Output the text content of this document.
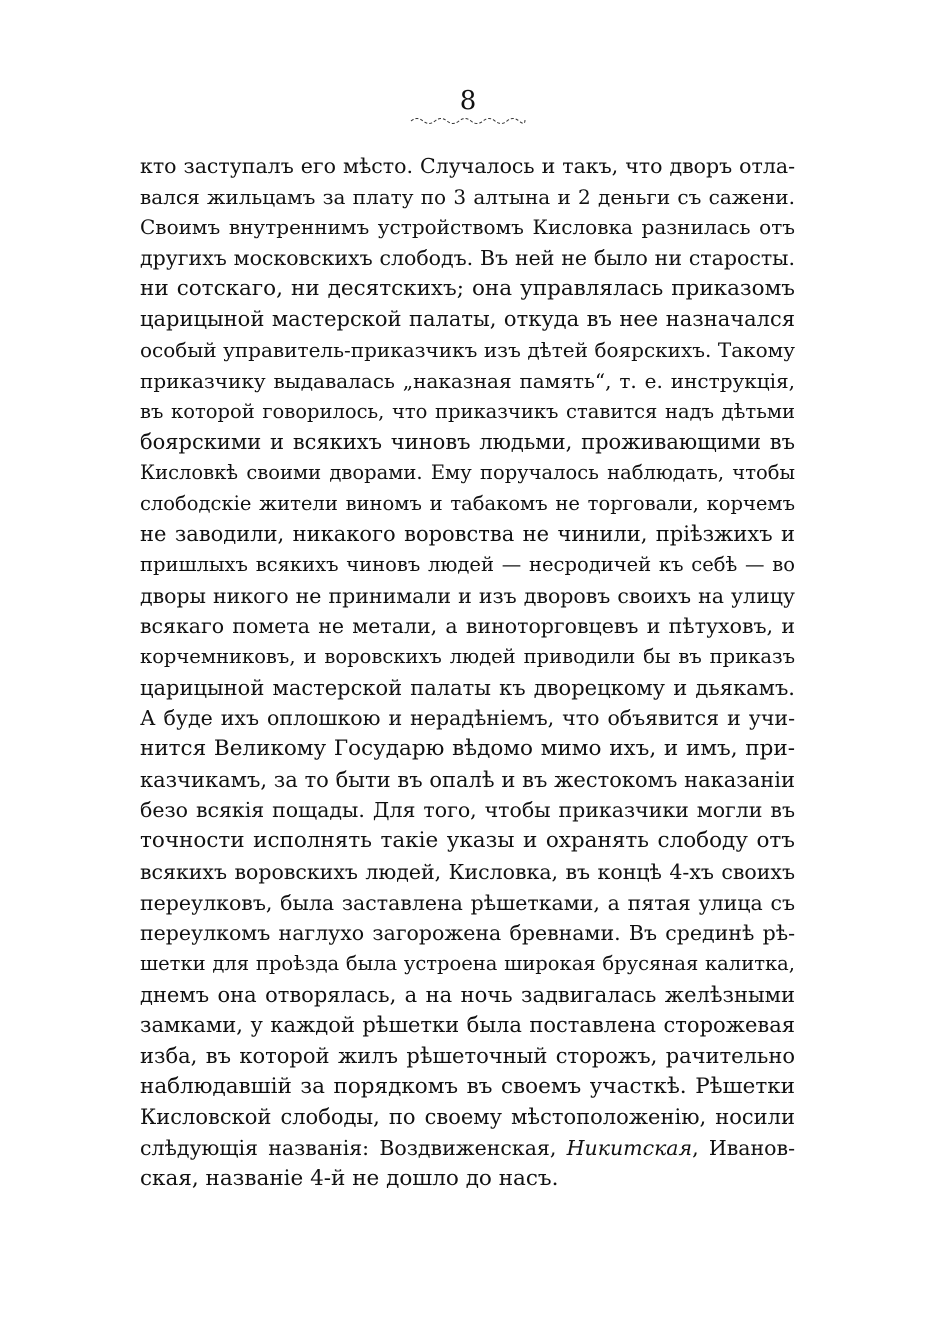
8
кто заступалъ его мѣсто. Случалось и такъ, что дворъ отла-
вался жильцамъ за плату по 3 алтына и 2 деньги съ сажени.
Своимъ внутреннимъ устройствомъ Кисловка разнилась отъ
другихъ московскихъ слободъ. Въ ней не было ни старосты.
ни сотскаго, ни десятскихъ; она управлялась приказомъ
царицыной мастерской палаты, откуда въ нее назначался
особый управитель-приказчикъ изъ дѣтей боярскихъ. Такому
приказчику выдавалась „наказная память“, т. е. инструкція,
въ которой говорилось, что приказчикъ ставится надъ дѣтьми
боярскими и всякихъ чиновъ людьми, проживающими въ
Кисловкѣ своими дворами. Ему поручалось наблюдать, чтобы
слободскіе жители виномъ и табакомъ не торговали, корчемъ
не заводили, никакого воровства не чинили, пріѣзжихъ и
пришлыхъ всякихъ чиновъ людей — несродичей къ себѣ — во
дворы никого не принимали и изъ дворовъ своихъ на улицу
всякаго помета не метали, а виноторговцевъ и пѣтуховъ, и
корчемниковъ, и воровскихъ людей приводили бы въ приказъ
царицыной мастерской палаты къ дворецкому и дьякамъ.
А буде ихъ оплошкою и нерадѣніемъ, что объявится и учи-
нится Великому Государю вѣдомо мимо ихъ, и имъ, при-
казчикамъ, за то быти въ опалѣ и въ жестокомъ наказаніи
безо всякія пощады. Для того, чтобы приказчики могли въ
точности исполнять такіе указы и охранять слободу отъ
всякихъ воровскихъ людей, Кисловка, въ концѣ 4-хъ своихъ
переулковъ, была заставлена рѣшетками, а пятая улица съ
переулкомъ наглухо загорожена бревнами. Въ срединѣ рѣ-
шетки для проѣзда была устроена широкая брусяная калитка,
днемъ она отворялась, а на ночь задвигалась желѣзными
замками, у каждой рѣшетки была поставлена сторожевая
изба, въ которой жилъ рѣшеточный сторожъ, рачительно
наблюдавшій за порядкомъ въ своемъ участкѣ. Рѣшетки
Кисловской слободы, по своему мѣстоположенію, носили
слѣдующія названія: Воздвиженская, Никитская, Иванов-
ская, названіе 4-й не дошло до насъ.
